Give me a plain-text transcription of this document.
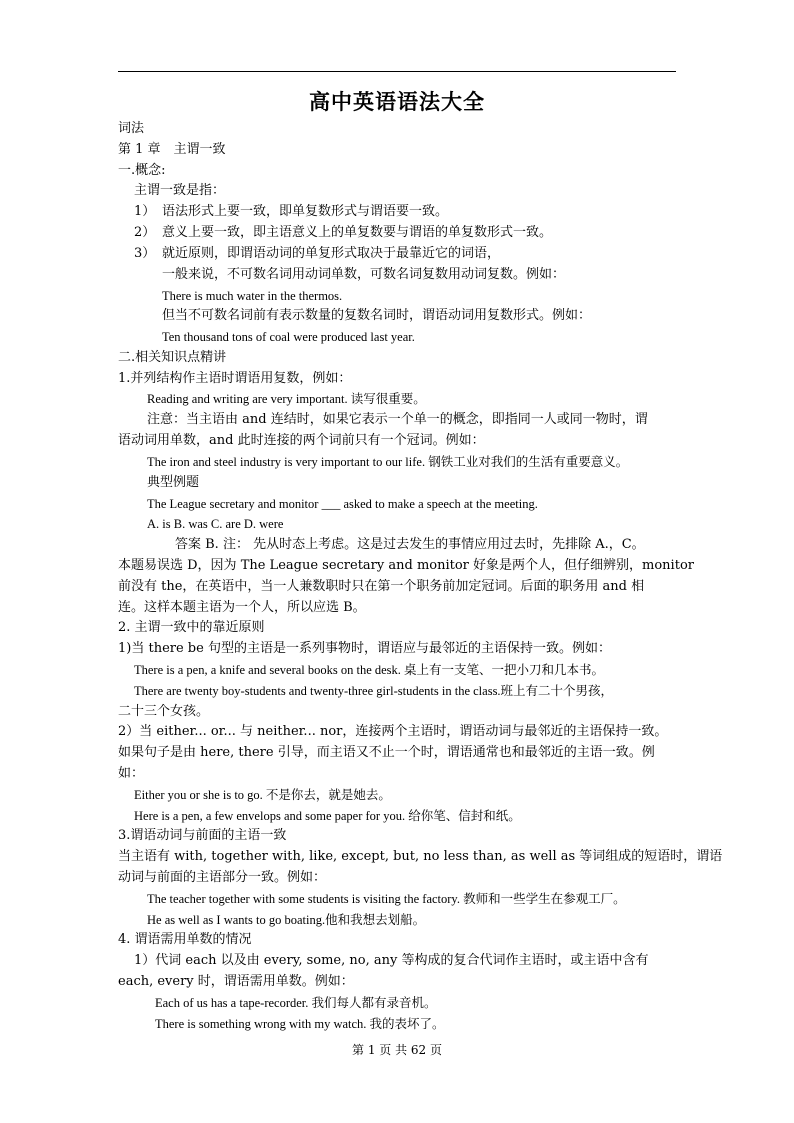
高中英语语法大全
词法
第 1 章　主谓一致
一.概念:
主谓一致是指：
1） 语法形式上要一致，即单复数形式与谓语要一致。
2） 意义上要一致，即主语意义上的单复数要与谓语的单复数形式一致。
3） 就近原则，即谓语动词的单复形式取决于最靠近它的词语，
一般来说，不可数名词用动词单数，可数名词复数用动词复数。例如：
There is much water in the thermos.
但当不可数名词前有表示数量的复数名词时，谓语动词用复数形式。例如：
Ten thousand tons of coal were produced last year.
二.相关知识点精讲
1.并列结构作主语时谓语用复数，例如：
Reading and writing are very important. 读写很重要。
注意：当主语由 and 连结时，如果它表示一个单一的概念，即指同一人或同一物时，谓
语动词用单数，and 此时连接的两个词前只有一个冠词。例如：
The iron and steel industry is very important to our life. 钢铁工业对我们的生活有重要意义。
典型例题
The League secretary and monitor ___ asked to make a speech at the meeting.
A. is B. was C. are D. were
答案 B. 注： 先从时态上考虑。这是过去发生的事情应用过去时，先排除 A.，C。
本题易误选 D，因为 The League secretary and monitor 好象是两个人，但仔细辨别，monitor
前没有 the，在英语中，当一人兼数职时只在第一个职务前加定冠词。后面的职务用 and 相
连。这样本题主语为一个人，所以应选 B。
2. 主谓一致中的靠近原则
1)当 there be 句型的主语是一系列事物时，谓语应与最邻近的主语保持一致。例如：
There is a pen, a knife and several books on the desk. 桌上有一支笔、一把小刀和几本书。
There are twenty boy-students and twenty-three girl-students in the class.班上有二十个男孩，
二十三个女孩。
2）当 either... or... 与 neither... nor，连接两个主语时，谓语动词与最邻近的主语保持一致。
如果句子是由 here, there 引导，而主语又不止一个时，谓语通常也和最邻近的主语一致。例
如：
Either you or she is to go. 不是你去，就是她去。
Here is a pen, a few envelops and some paper for you. 给你笔、信封和纸。
3.谓语动词与前面的主语一致
当主语有 with, together with, like, except, but, no less than, as well as 等词组成的短语时，谓语
动词与前面的主语部分一致。例如：
The teacher together with some students is visiting the factory. 教师和一些学生在参观工厂。
He as well as I wants to go boating.他和我想去划船。
4. 谓语需用单数的情况
1）代词 each 以及由 every, some, no, any 等构成的复合代词作主语时，或主语中含有
each, every 时，谓语需用单数。例如：
Each of us has a tape-recorder. 我们每人都有录音机。
There is something wrong with my watch. 我的表坏了。
第 1 页 共 62 页
